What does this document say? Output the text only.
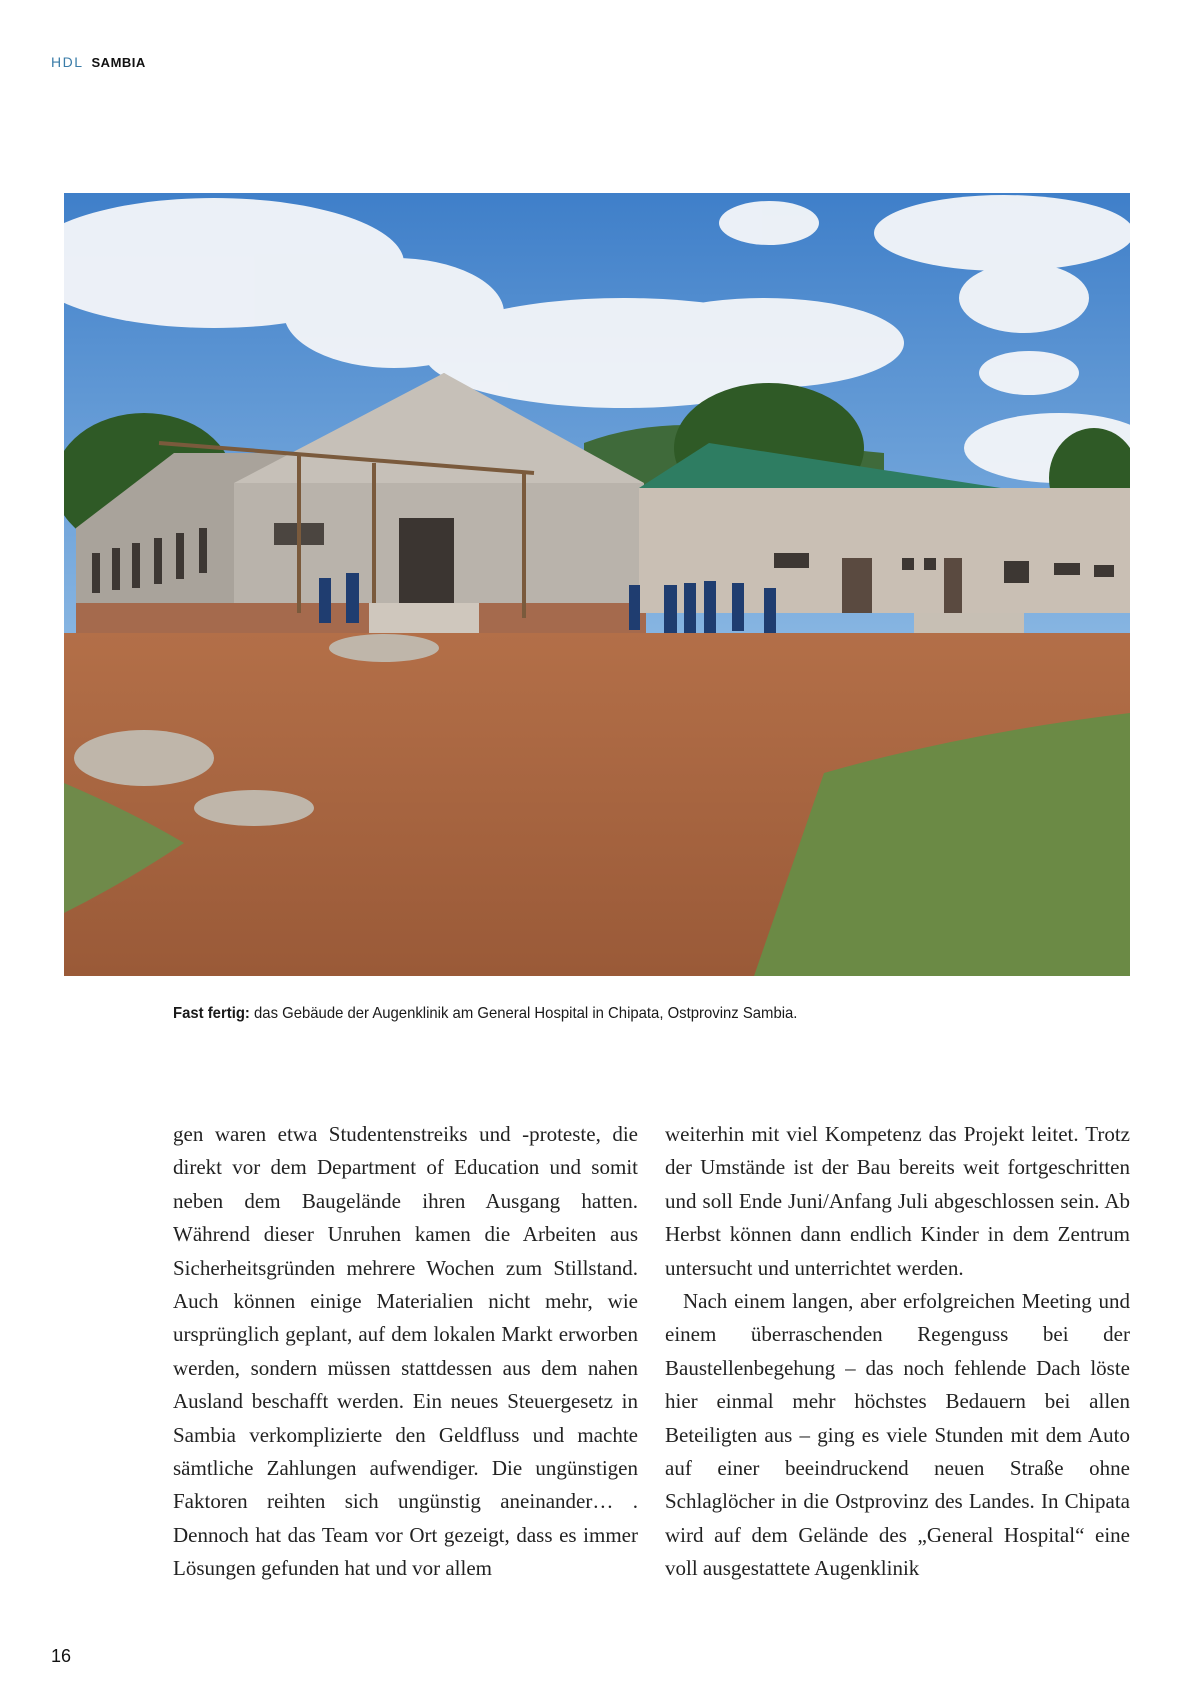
HDL SAMBIA
Fast fertig: das Gebäude der Augenklinik am General Hospital in Chipata, Ostprovinz Sambia.

gen waren etwa Studentenstreiks und -proteste, die direkt vor dem Department of Education und somit neben dem Baugelände ihren Ausgang hatten. Während dieser Unruhen kamen die Arbeiten aus Sicherheitsgründen mehrere Wochen zum Stillstand. Auch können einige Materialien nicht mehr, wie ursprünglich geplant, auf dem lokalen Markt erworben werden, sondern müssen stattdessen aus dem nahen Ausland beschafft werden. Ein neues Steuergesetz in Sambia verkomplizierte den Geldfluss und machte sämtliche Zahlungen aufwendiger. Die ungünstigen Faktoren reihten sich ungünstig aneinander… . Dennoch hat das Team vor Ort gezeigt, dass es immer Lösungen gefunden hat und vor allem

weiterhin mit viel Kompetenz das Projekt leitet. Trotz der Umstände ist der Bau bereits weit fortgeschritten und soll Ende Juni/Anfang Juli abgeschlossen sein. Ab Herbst können dann endlich Kinder in dem Zentrum untersucht und unterrichtet werden.

Nach einem langen, aber erfolgreichen Meeting und einem überraschenden Regenguss bei der Baustellenbegehung – das noch fehlende Dach löste hier einmal mehr höchstes Bedauern bei allen Beteiligten aus – ging es viele Stunden mit dem Auto auf einer beeindruckend neuen Straße ohne Schlaglöcher in die Ostprovinz des Landes. In Chipata wird auf dem Gelände des „General Hospital“ eine voll ausgestattete Augenklinik

16
